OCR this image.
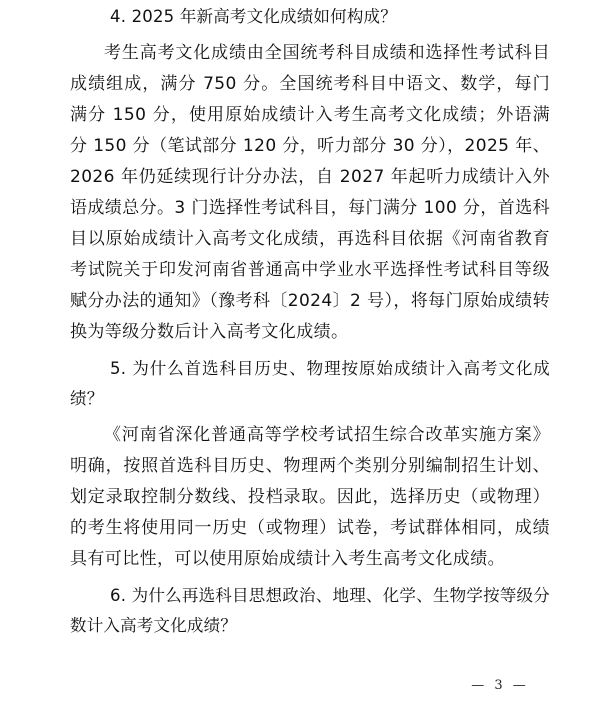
4. 2025 年新高考文化成绩如何构成？

考生高考文化成绩由全国统考科目成绩和选择性考试科目成绩组成，满分 750 分。全国统考科目中语文、数学，每门满分 150 分，使用原始成绩计入考生高考文化成绩；外语满分 150 分（笔试部分 120 分，听力部分 30 分），2025 年、2026 年仍延续现行计分办法，自 2027 年起听力成绩计入外语成绩总分。3 门选择性考试科目，每门满分 100 分，首选科目以原始成绩计入高考文化成绩，再选科目依据《河南省教育考试院关于印发河南省普通高中学业水平选择性考试科目等级赋分办法的通知》（豫考科〔2024〕2 号），将每门原始成绩转换为等级分数后计入高考文化成绩。

5. 为什么首选科目历史、物理按原始成绩计入高考文化成绩？

《河南省深化普通高等学校考试招生综合改革实施方案》明确，按照首选科目历史、物理两个类别分别编制招生计划、划定录取控制分数线、投档录取。因此，选择历史（或物理）的考生将使用同一历史（或物理）试卷，考试群体相同，成绩具有可比性，可以使用原始成绩计入考生高考文化成绩。

6. 为什么再选科目思想政治、地理、化学、生物学按等级分数计入高考文化成绩？

— 3 —
